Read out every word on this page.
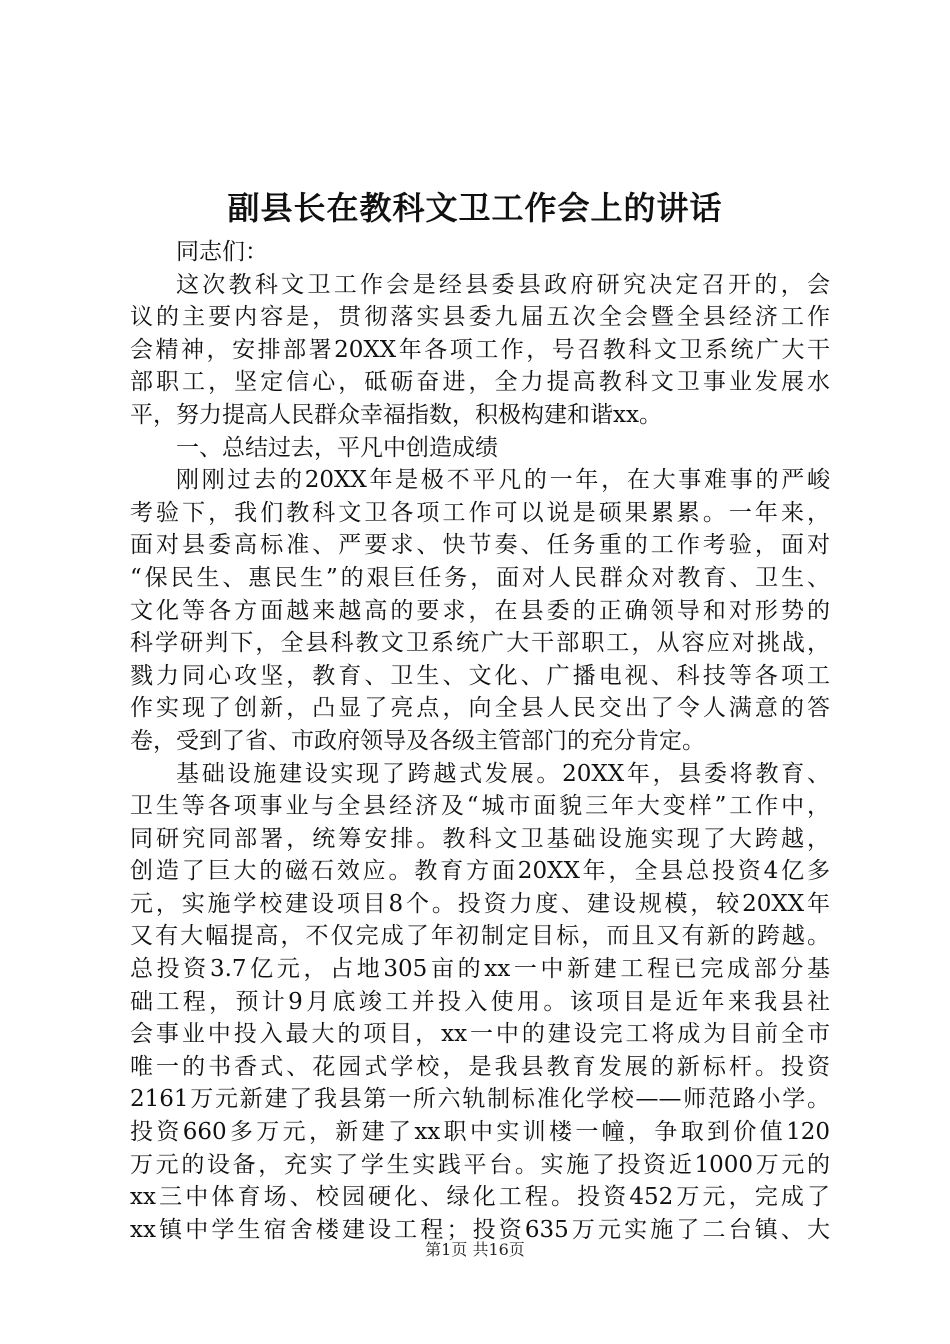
副县长在教科文卫工作会上的讲话
同志们：
这次教科文卫工作会是经县委县政府研究决定召开的，会
议的主要内容是，贯彻落实县委九届五次全会暨全县经济工作
会精神，安排部署20XX年各项工作，号召教科文卫系统广大干
部职工，坚定信心，砥砺奋进，全力提高教科文卫事业发展水
平，努力提高人民群众幸福指数，积极构建和谐xx。
一、总结过去，平凡中创造成绩
刚刚过去的20XX年是极不平凡的一年，在大事难事的严峻
考验下，我们教科文卫各项工作可以说是硕果累累。一年来，
面对县委高标准、严要求、快节奏、任务重的工作考验，面对
“保民生、惠民生”的艰巨任务，面对人民群众对教育、卫生、
文化等各方面越来越高的要求，在县委的正确领导和对形势的
科学研判下，全县科教文卫系统广大干部职工，从容应对挑战，
戮力同心攻坚，教育、卫生、文化、广播电视、科技等各项工
作实现了创新，凸显了亮点，向全县人民交出了令人满意的答
卷，受到了省、市政府领导及各级主管部门的充分肯定。
基础设施建设实现了跨越式发展。20XX年，县委将教育、
卫生等各项事业与全县经济及“城市面貌三年大变样”工作中，
同研究同部署，统筹安排。教科文卫基础设施实现了大跨越，
创造了巨大的磁石效应。教育方面20XX年，全县总投资4亿多
元，实施学校建设项目8个。投资力度、建设规模，较20XX年
又有大幅提高，不仅完成了年初制定目标，而且又有新的跨越。
总投资3.7亿元，占地305亩的xx一中新建工程已完成部分基
础工程，预计9月底竣工并投入使用。该项目是近年来我县社
会事业中投入最大的项目，xx一中的建设完工将成为目前全市
唯一的书香式、花园式学校，是我县教育发展的新标杆。投资
2161万元新建了我县第一所六轨制标准化学校——师范路小学。
投资660多万元，新建了xx职中实训楼一幢，争取到价值120
万元的设备，充实了学生实践平台。实施了投资近1000万元的
xx三中体育场、校园硬化、绿化工程。投资452万元，完成了
xx镇中学生宿舍楼建设工程；投资635万元实施了二台镇、大
第1页 共16页
